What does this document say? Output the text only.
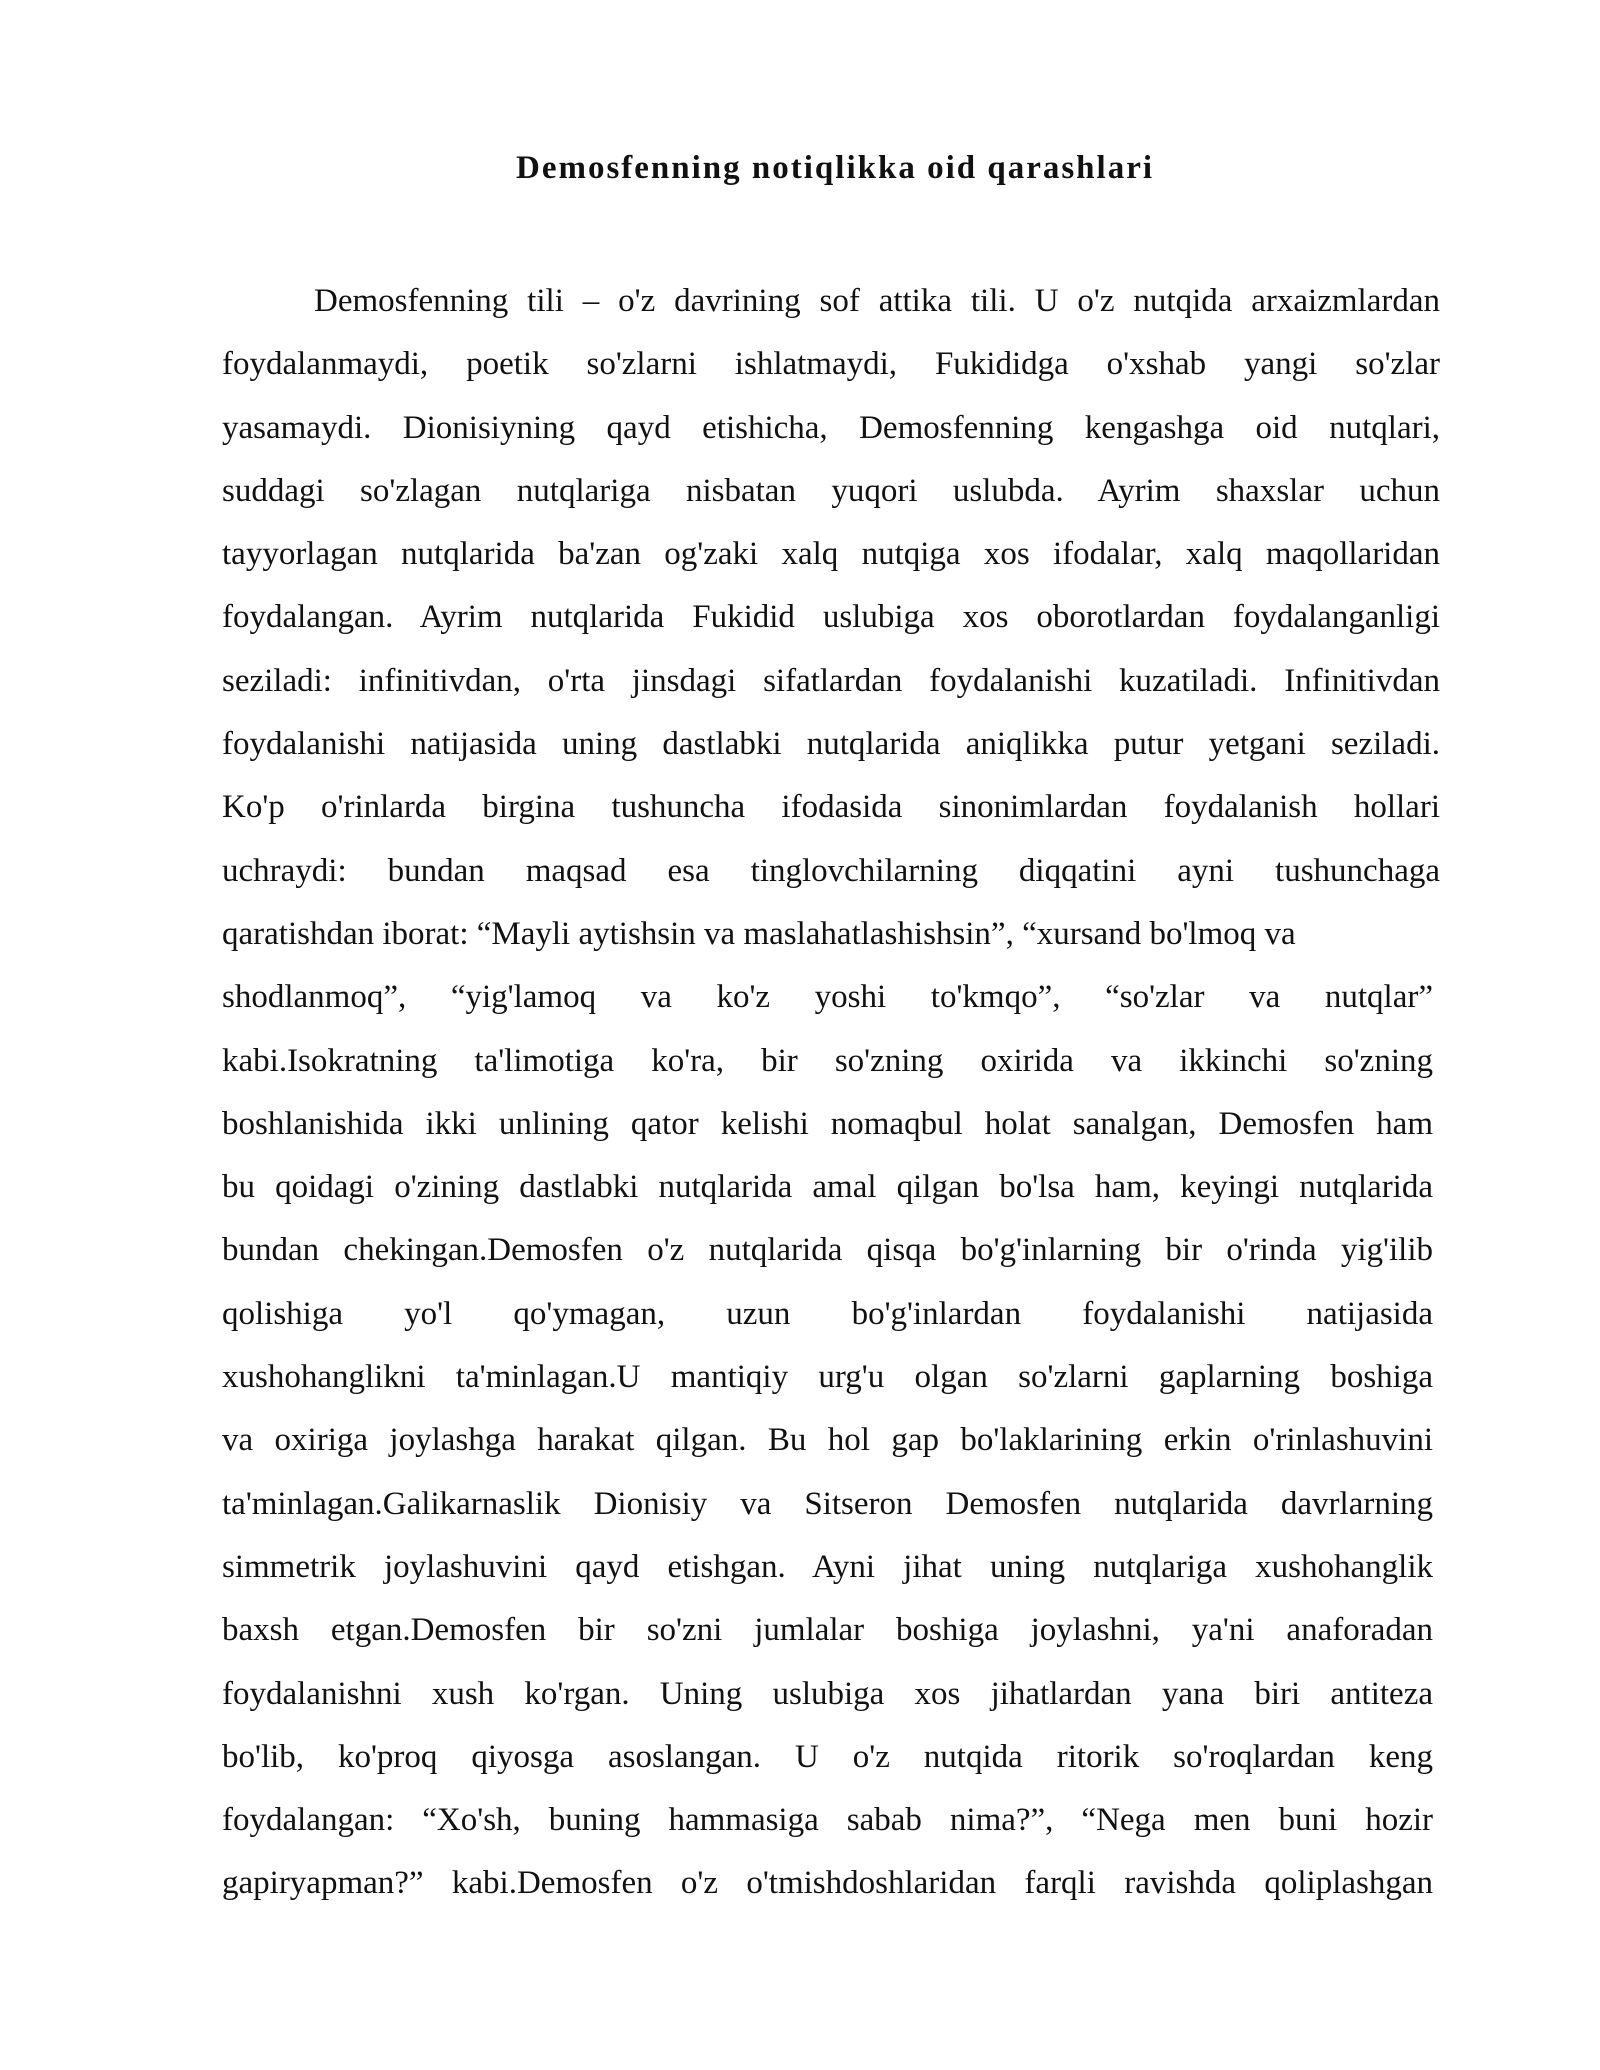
Demosfenning notiqlikka oid qarashlari
Demosfenning tili – o'z davrining sof attika tili. U o'z nutqida arxaizmlardan
foydalanmaydi, poetik so'zlarni ishlatmaydi, Fukididga o'xshab yangi so'zlar
yasamaydi. Dionisiyning qayd etishicha, Demosfenning kengashga oid nutqlari,
suddagi so'zlagan nutqlariga nisbatan yuqori uslubda. Ayrim shaxslar uchun
tayyorlagan nutqlarida ba'zan og'zaki xalq nutqiga xos ifodalar, xalq maqollaridan
foydalangan. Ayrim nutqlarida Fukidid uslubiga xos oborotlardan foydalanganligi
seziladi: infinitivdan, o'rta jinsdagi sifatlardan foydalanishi kuzatiladi. Infinitivdan
foydalanishi natijasida uning dastlabki nutqlarida aniqlikka putur yetgani seziladi.
Ko'p o'rinlarda birgina tushuncha ifodasida sinonimlardan foydalanish hollari
uchraydi: bundan maqsad esa tinglovchilarning diqqatini ayni tushunchaga
qaratishdan iborat: “Mayli aytishsin va maslahatlashishsin”, “xursand bo'lmoq va
shodlanmoq”, “yig'lamoq va ko'z yoshi to'kmqo”, “so'zlar va nutqlar”
kabi.Isokratning ta'limotiga ko'ra, bir so'zning oxirida va ikkinchi so'zning
boshlanishida ikki unlining qator kelishi nomaqbul holat sanalgan, Demosfen ham
bu qoidagi o'zining dastlabki nutqlarida amal qilgan bo'lsa ham, keyingi nutqlarida
bundan chekingan.Demosfen o'z nutqlarida qisqa bo'g'inlarning bir o'rinda yig'ilib
qolishiga yo'l qo'ymagan, uzun bo'g'inlardan foydalanishi natijasida
xushohanglikni ta'minlagan.U mantiqiy urg'u olgan so'zlarni gaplarning boshiga
va oxiriga joylashga harakat qilgan. Bu hol gap bo'laklarining erkin o'rinlashuvini
ta'minlagan.Galikarnaslik Dionisiy va Sitseron Demosfen nutqlarida davrlarning
simmetrik joylashuvini qayd etishgan. Ayni jihat uning nutqlariga xushohanglik
baxsh etgan.Demosfen bir so'zni jumlalar boshiga joylashni, ya'ni anaforadan
foydalanishni xush ko'rgan. Uning uslubiga xos jihatlardan yana biri antiteza
bo'lib, ko'proq qiyosga asoslangan. U o'z nutqida ritorik so'roqlardan keng
foydalangan: “Xo'sh, buning hammasiga sabab nima?”, “Nega men buni hozir
gapiryapman?” kabi.Demosfen o'z o'tmishdoshlaridan farqli ravishda qoliplashgan
